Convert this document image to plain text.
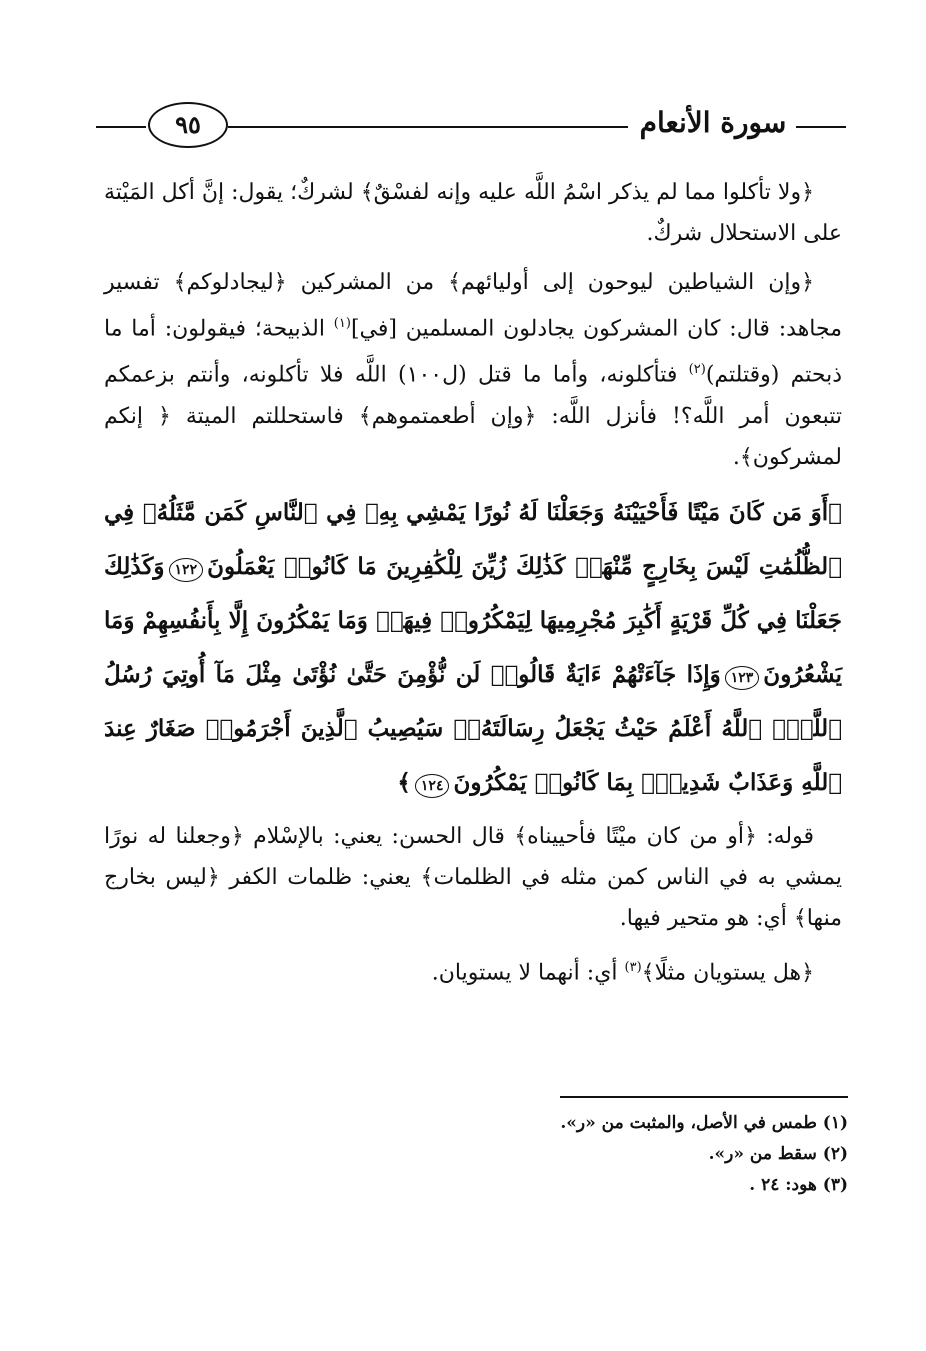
٩٥	سورة الأنعام

﴿ولا تأكلوا مما لم يذكر اسْمُ اللَّه عليه وإنه لفسْقٌ﴾ لشركٌ؛ يقول: إنَّ أكل المَيْتة على الاستحلال شركٌ.

﴿وإن الشياطين ليوحون إلى أوليائهم﴾ من المشركين ﴿ليجادلوكم﴾ تفسير مجاهد: قال: كان المشركون يجادلون المسلمين [في]$^{(١)}$ الذبيحة؛ فيقولون: أما ما ذبحتم (وقتلتم)$^{(٢)}$ فتأكلونه، وأما ما قتل (ل١٠٠) اللَّه فلا تأكلونه، وأنتم بزعمكم تتبعون أمر اللَّه؟! فأنزل اللَّه: ﴿وإن أطعمتموهم﴾ فاستحللتم الميتة ﴿ إنكم لمشركون﴾.

﴿أَوَ مَن كَانَ مَيْتًا فَأَحْيَيْنَهُ وَجَعَلْنَا لَهُ نُورًا يَمْشِي بِهِۦ فِي ٱلنَّاسِ كَمَن مَّثَلُهُۥ فِي ٱلظُّلُمَٰتِ لَيْسَ بِخَارِجٍ مِّنْهَاۚ كَذَٰلِكَ زُيِّنَ لِلْكَٰفِرِينَ مَا كَانُوا۟ يَعْمَلُونَ١٢٢وَكَذَٰلِكَ جَعَلْنَا فِي كُلِّ قَرْيَةٍ أَكَٰبِرَ مُجْرِمِيهَا لِيَمْكُرُوا۟ فِيهَاۖ وَمَا يَمْكُرُونَ إِلَّا بِأَنفُسِهِمْ وَمَا يَشْعُرُونَ١٢٣وَإِذَا جَآءَتْهُمْ ءَايَةٌ قَالُوا۟ لَن نُّؤْمِنَ حَتَّىٰ نُؤْتَىٰ مِثْلَ مَآ أُوتِيَ رُسُلُ ٱللَّهِۘ ٱللَّهُ أَعْلَمُ حَيْثُ يَجْعَلُ رِسَالَتَهُۥۗ سَيُصِيبُ ٱلَّذِينَ أَجْرَمُوا۟ صَغَارٌ عِندَ ٱللَّهِ وَعَذَابٌ شَدِيدٌۢ بِمَا كَانُوا۟ يَمْكُرُونَ١٢٤﴾

قوله: ﴿أو من كان ميْتًا فأحييناه﴾ قال الحسن: يعني: بالإسْلام ﴿وجعلنا له نورًا يمشي به في الناس كمن مثله في الظلمات﴾ يعني: ظلمات الكفر ﴿ليس بخارج منها﴾ أي: هو متحير فيها.

﴿هل يستويان مثلًا﴾$^{(٣)}$ أي: أنهما لا يستويان.

(١) طمس في الأصل، والمثبت من «ر».
(٢) سقط من «ر».
(٣) هود: ٢٤ .
